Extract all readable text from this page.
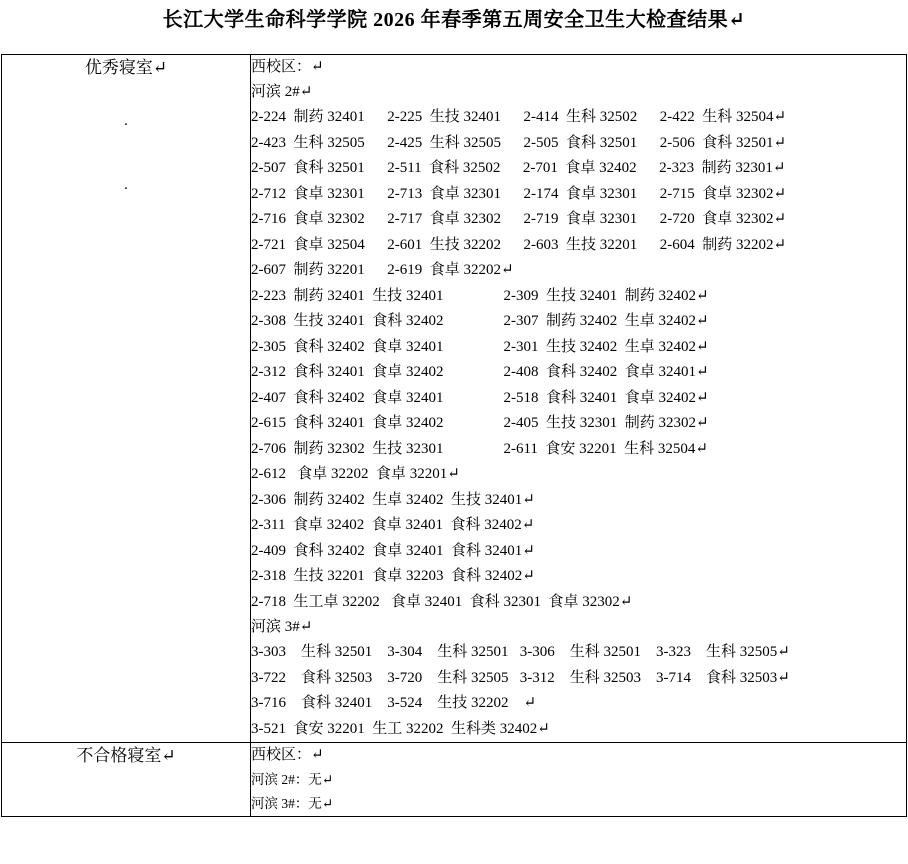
长江大学生命科学学院 2026 年春季第五周安全卫生大检查结果↵
优秀寝室↵
·
·

西校区：↵
河滨 2#↵
2-224  制药 32401      2-225  生技 32401      2-414  生科 32502      2-422  生科 32504↵
2-423  生科 32505      2-425  生科 32505      2-505  食科 32501      2-506  食科 32501↵
2-507  食科 32501      2-511  食科 32502      2-701  食卓 32402      2-323  制药 32301↵
2-712  食卓 32301      2-713  食卓 32301      2-174  食卓 32301      2-715  食卓 32302↵
2-716  食卓 32302      2-717  食卓 32302      2-719  食卓 32301      2-720  食卓 32302↵
2-721  食卓 32504      2-601  生技 32202      2-603  生技 32201      2-604  制药 32202↵
2-607  制药 32201      2-619  食卓 32202↵
2-223  制药 32401  生技 32401                2-309  生技 32401  制药 32402↵
2-308  生技 32401  食科 32402                2-307  制药 32402  生卓 32402↵
2-305  食科 32402  食卓 32401                2-301  生技 32402  生卓 32402↵
2-312  食科 32401  食卓 32402                2-408  食科 32402  食卓 32401↵
2-407  食科 32402  食卓 32401                2-518  食科 32401  食卓 32402↵
2-615  食科 32401  食卓 32402                2-405  生技 32301  制药 32302↵
2-706  制药 32302  生技 32301                2-611  食安 32201  生科 32504↵
2-612   食卓 32202  食卓 32201↵
2-306  制药 32402  生卓 32402  生技 32401↵
2-311  食卓 32402  食卓 32401  食科 32402↵
2-409  食科 32402  食卓 32401  食科 32401↵
2-318  生技 32201  食卓 32203  食科 32402↵
2-718  生工卓 32202   食卓 32401  食科 32301  食卓 32302↵
河滨 3#↵
3-303    生科 32501    3-304    生科 32501   3-306    生科 32501    3-323    生科 32505↵
3-722    食科 32503    3-720    生科 32505   3-312    生科 32503    3-714    食科 32503↵
3-716    食科 32401    3-524    生技 32202    ↵
3-521  食安 32201  生工 32202  生科类 32402↵

不合格寝室↵	西校区：↵
河滨 2#：无↵
河滨 3#：无↵
